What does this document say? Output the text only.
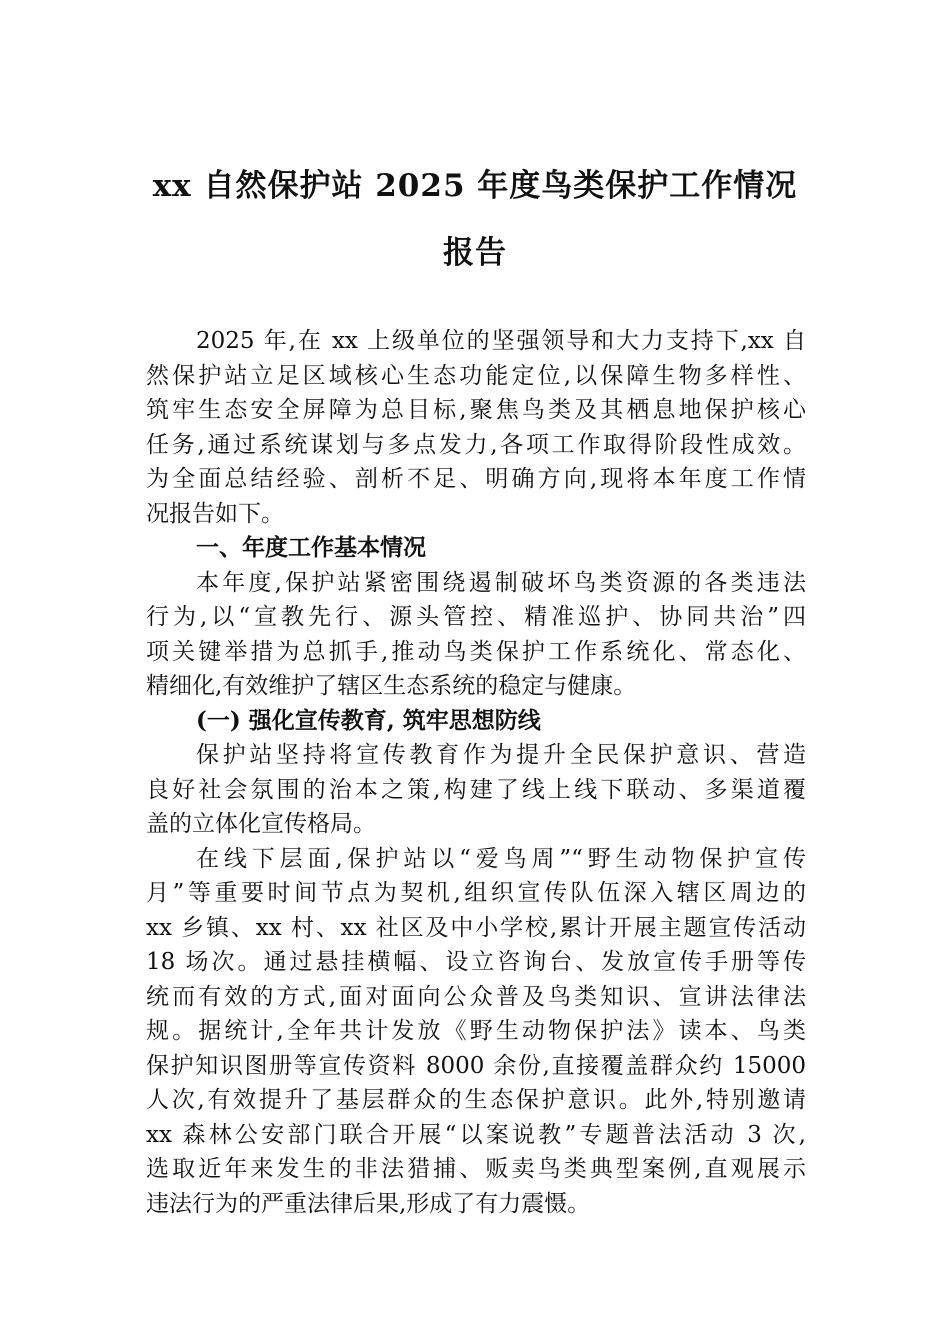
xx 自然保护站 2025 年度鸟类保护工作情况
报告
2025 年,在 xx 上级单位的坚强领导和大力支持下,xx 自
然保护站立足区域核心生态功能定位,以保障生物多样性、
筑牢生态安全屏障为总目标,聚焦鸟类及其栖息地保护核心
任务,通过系统谋划与多点发力,各项工作取得阶段性成效。
为全面总结经验、剖析不足、明确方向,现将本年度工作情
况报告如下。
一、年度工作基本情况
本年度,保护站紧密围绕遏制破坏鸟类资源的各类违法
行为,以“宣教先行、源头管控、精准巡护、协同共治”四
项关键举措为总抓手,推动鸟类保护工作系统化、常态化、
精细化,有效维护了辖区生态系统的稳定与健康。
(一) 强化宣传教育, 筑牢思想防线
保护站坚持将宣传教育作为提升全民保护意识、营造
良好社会氛围的治本之策,构建了线上线下联动、多渠道覆
盖的立体化宣传格局。
在线下层面,保护站以“爱鸟周”“野生动物保护宣传
月”等重要时间节点为契机,组织宣传队伍深入辖区周边的
xx 乡镇、xx 村、xx 社区及中小学校,累计开展主题宣传活动
18 场次。通过悬挂横幅、设立咨询台、发放宣传手册等传
统而有效的方式,面对面向公众普及鸟类知识、宣讲法律法
规。据统计,全年共计发放《野生动物保护法》读本、鸟类
保护知识图册等宣传资料 8000 余份,直接覆盖群众约 15000
人次,有效提升了基层群众的生态保护意识。此外,特别邀请
xx 森林公安部门联合开展“以案说教”专题普法活动 3 次,
选取近年来发生的非法猎捕、贩卖鸟类典型案例,直观展示
违法行为的严重法律后果,形成了有力震慑。
